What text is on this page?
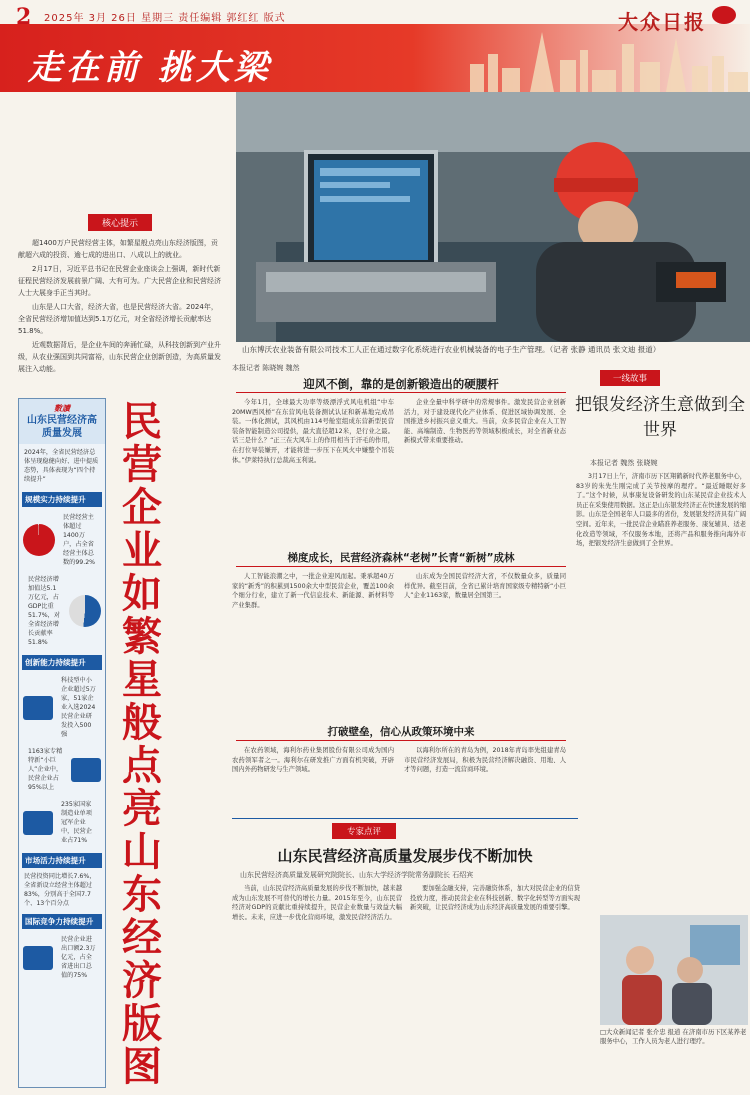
2 2025年 3月 26日 星期三 责任编辑 郭红红 版式	大众日报
走在前 挑大梁
核心提示

超1400万户民营经营主体，如繁星般点亮山东经济版图，贡献超六成的投资、逾七成的进出口、八成以上的就业。

2月17日，习近平总书记在民营企业座谈会上强调，新时代新征程民营经济发展前景广阔、大有可为。广大民营企业和民营经济人士大展身手正当其时。

山东是人口大省，经济大省，也是民营经济大省。2024年，全省民营经济增加值达到5.1万亿元，对全省经济增长贡献率达51.8%。

近观数据背后，是企业车间的奔涌忙碌，从科技创新到产业升级，从农业强国到共同富裕，山东民营企业创新创造，为高质量发展注入动能。

山东博沃农业装备有限公司技术工人正在通过数字化系统进行农业机械装备的电子生产管理。（记者 张静 通讯员 张文迪 报道）
數讀
山东民营经济高质量发展
2024年，全省民营经济总体呈现稳健向好、进中提质态势，具体表现为“四个持续提升”
规模实力持续提升
民营经营主体超过1400万户，占全省经营主体总数的99.2%
民营经济增加值达5.1万亿元，占GDP比重51.7%，对全省经济增长贡献率51.8%
创新能力持续提升
科技型中小企业超过5万家，51家企业入选2024民营企业研发投入500强
1163家专精特新“小巨人”企业中，民营企业占95%以上
235家国家制造业单项冠军企业中，民营企业占71%
市场活力持续提升
民营投资同比增长7.6%，全省新设立经营主体超过83%，分别高于全国7.7个、13个百分点
国际竞争力持续提升
民营企业进出口额2.3万亿元，占全省进出口总值的75%
民
营
企
业
如
繁
星
般
点
亮
山
东
经
济
版
图
本报记者 陈晓婉 魏然
迎风不倒，靠的是创新锻造出的硬腰杆

今年1月，全球最大功率等级漂浮式风电机组“中车20MW西风桥”在东营风电装备测试认证和新基地完成吊装。一体化测试，其风机由114号舱室组成东营新型民营装备智能制造公司提供，最大直径超12米，是行业之最。话三是什么？“正三在大风车上的作用相当于汗毛的作用，在打位导装嫌开，才能将进一步压下在风火中嫌整个吊装体。”伊莱特执行总裁高玉利说。

企业全量中科学研中的常规事件。激发民营企业创新活力，对于建设现代化产业体系、促进区域协调发展、全国推进乡村振兴意义重大。当前，众多民营企业在人工智能、高端制造、生物医药等领域积极成长，对全省新业态新模式带来重要推动。

梯度成长，民营经济森林“老树”长青“新树”成林

人工智能浪潮之中，一批企业迎风而起。秉承超40万家的“新秀”的积累到1500余大中型民营企业，覆盖100余个细分行业，建立了新一代信息技术、新能源、新材料等产业集群。

山东成为全国民营经济大省，不仅数量众多，质量同样优异。截至目前，全省已累计培育国家级专精特新“小巨人”企业1163家，数量居全国第三。

打破壁垒，信心从政策环境中来

在农药领域，海利尔药业集团股份有限公司成为国内农药领军者之一。海利尔在研发推广方面有机突破，开辟国内外药物研发与生产领域。

以海利尔所在的青岛为例，2018年青岛率先组建青岛市民营经济发展局，积极为民营经济解决融资、用地、人才等问题，打造一流营商环境。

一线故事
把银发经济生意做到全世界
本报记者 魏然 张晓婉

3月17日上午，济南市历下区翔鹤新时代养老服务中心，83岁的朱先生刚完成了关节按摩的理疗。“最近睡眠好多了。”这个时候，从事康复设备研发的山东某民营企业技术人员正在采集使用数据。这正是山东银发经济正在快速发展的缩影。山东是全国老年人口最多的省份，发展银发经济具有广阔空间。近年来，一批民营企业瞄准养老服务、康复辅具、适老化改造等领域，不仅服务本地，还将产品和服务推向海外市场，把银发经济生意做到了全世界。

专家点评
山东民营经济高质量发展步伐不断加快
山东民营经济高质量发展研究院院长、山东大学经济学院常务副院长 石绍宾

当前，山东民营经济高质量发展的步伐不断加快，越来越成为山东发展不可替代的增长力量。2015年至今，山东民营经济对GDP的贡献比重持续提升，民营企业数量与效益大幅增长。未来，应进一步优化营商环境，激发民营经济活力。

要加强金融支持，完善融资体系，加大对民营企业的信贷投放力度，推动民营企业在科技创新、数字化转型等方面实现新突破，让民营经济成为山东经济高质量发展的重要引擎。

□大众新闻记者 张介忠 报道 在济南市历下区某养老服务中心，工作人员为老人进行理疗。
